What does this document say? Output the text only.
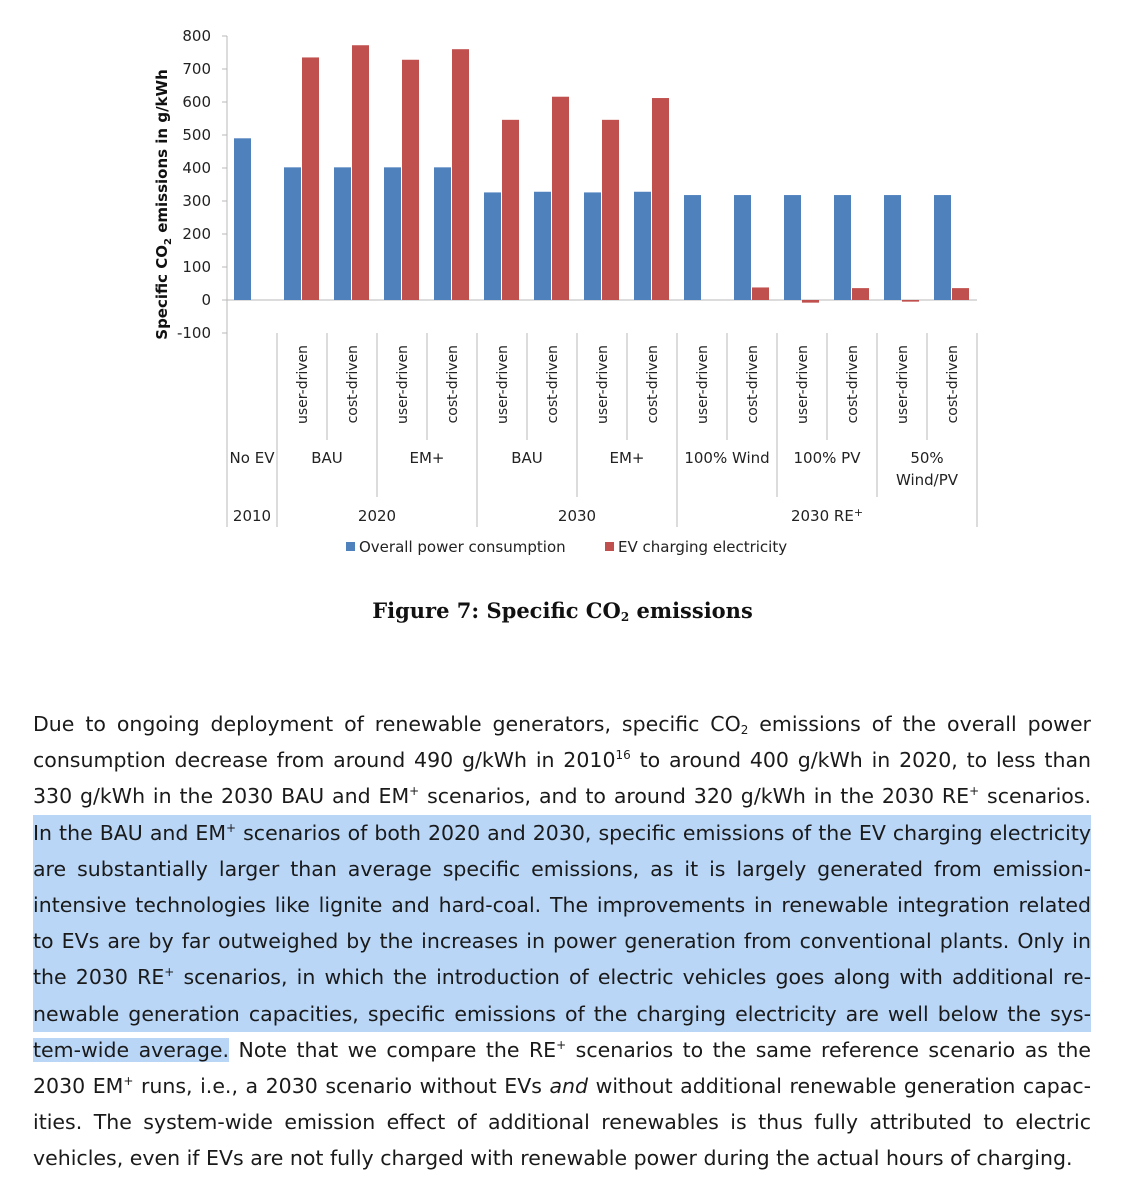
800
700
600
500
400
300
200
100
0
-100
Specific $CO_2$ emissions in g/kWh
user-driven cost-driven user-driven cost-driven user-driven cost-driven user-driven cost-driven user-driven cost-driven user-driven cost-driven user-driven cost-driven
No EV BAU	EM+	BAU	EM+	100% Wind 100% PV	50% Wind/PV
2010	2020	2030	2030 RE+
Overall power consumption	EV charging electricity
Figure 7: Specific $CO_2$ emissions
Due to ongoing deployment of renewable generators, specific $CO_2$ emissions of the overall power
consumption decrease from around 490 g/kWh in 2010$^{16}$ to around 400 g/kWh in 2020, to less than
330 g/kWh in the 2030 BAU and EM+ scenarios, and to around 320 g/kWh in the 2030 RE+ scenarios.
In the BAU and EM+ scenarios of both 2020 and 2030, specific emissions of the EV charging electricity
are substantially larger than average specific emissions, as it is largely generated from emission-
intensive technologies like lignite and hard-coal. The improvements in renewable integration related
to EVs are by far outweighed by the increases in power generation from conventional plants. Only in
the 2030 RE+ scenarios, in which the introduction of electric vehicles goes along with additional re-
newable generation capacities, specific emissions of the charging electricity are well below the sys-
tem-wide average. Note that we compare the RE+ scenarios to the same reference scenario as the
2030 EM+ runs, i.e., a 2030 scenario without EVs and without additional renewable generation capac-
ities. The system-wide emission effect of additional renewables is thus fully attributed to electric
vehicles, even if EVs are not fully charged with renewable power during the actual hours of charging.
